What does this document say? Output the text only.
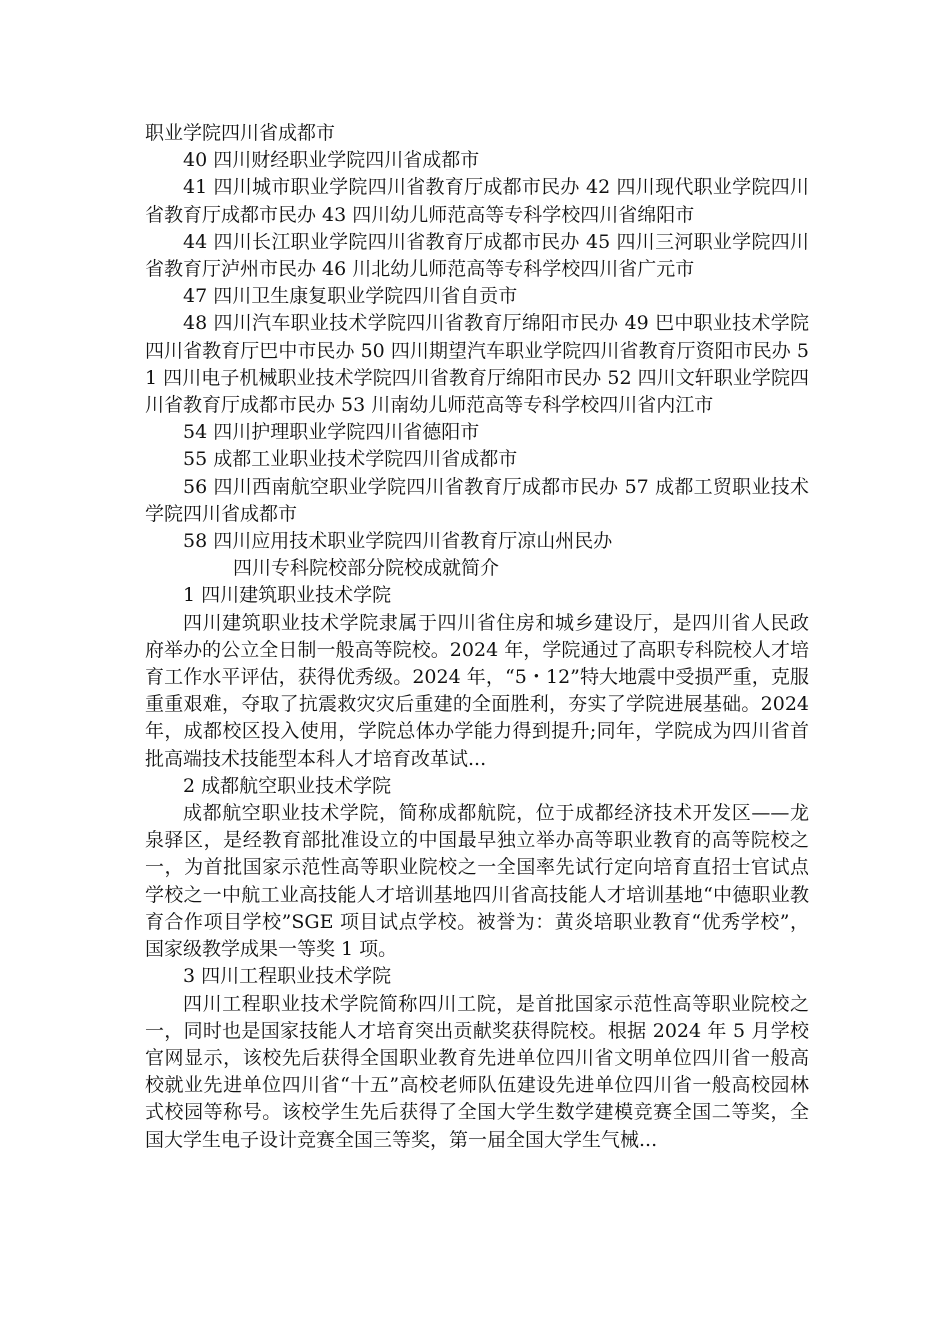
职业学院四川省成都市

40 四川财经职业学院四川省成都市

41 四川城市职业学院四川省教育厅成都市民办 42 四川现代职业学院四川省教育厅成都市民办 43 四川幼儿师范高等专科学校四川省绵阳市

44 四川长江职业学院四川省教育厅成都市民办 45 四川三河职业学院四川省教育厅泸州市民办 46 川北幼儿师范高等专科学校四川省广元市

47 四川卫生康复职业学院四川省自贡市

48 四川汽车职业技术学院四川省教育厅绵阳市民办 49 巴中职业技术学院四川省教育厅巴中市民办 50 四川期望汽车职业学院四川省教育厅资阳市民办 51 四川电子机械职业技术学院四川省教育厅绵阳市民办 52 四川文轩职业学院四川省教育厅成都市民办 53 川南幼儿师范高等专科学校四川省内江市

54 四川护理职业学院四川省德阳市

55 成都工业职业技术学院四川省成都市

56 四川西南航空职业学院四川省教育厅成都市民办 57 成都工贸职业技术学院四川省成都市

58 四川应用技术职业学院四川省教育厅凉山州民办

四川专科院校部分院校成就简介

1 四川建筑职业技术学院

四川建筑职业技术学院隶属于四川省住房和城乡建设厅，是四川省人民政府举办的公立全日制一般高等院校。2024 年，学院通过了高职专科院校人才培育工作水平评估，获得优秀级。2024 年，“5・12”特大地震中受损严重，克服重重艰难，夺取了抗震救灾灾后重建的全面胜利，夯实了学院进展基础。2024 年，成都校区投入使用，学院总体办学能力得到提升;同年，学院成为四川省首批高端技术技能型本科人才培育改革试...

2 成都航空职业技术学院

成都航空职业技术学院，简称成都航院，位于成都经济技术开发区——龙泉驿区，是经教育部批准设立的中国最早独立举办高等职业教育的高等院校之一，为首批国家示范性高等职业院校之一全国率先试行定向培育直招士官试点学校之一中航工业高技能人才培训基地四川省高技能人才培训基地“中德职业教育合作项目学校”SGE 项目试点学校。被誉为：黄炎培职业教育“优秀学校”，国家级教学成果一等奖 1 项。

3 四川工程职业技术学院

四川工程职业技术学院简称四川工院，是首批国家示范性高等职业院校之一，同时也是国家技能人才培育突出贡献奖获得院校。根据 2024 年 5 月学校官网显示，该校先后获得全国职业教育先进单位四川省文明单位四川省一般高校就业先进单位四川省“十五”高校老师队伍建设先进单位四川省一般高校园林式校园等称号。该校学生先后获得了全国大学生数学建模竞赛全国二等奖，全国大学生电子设计竞赛全国三等奖，第一届全国大学生气械...
